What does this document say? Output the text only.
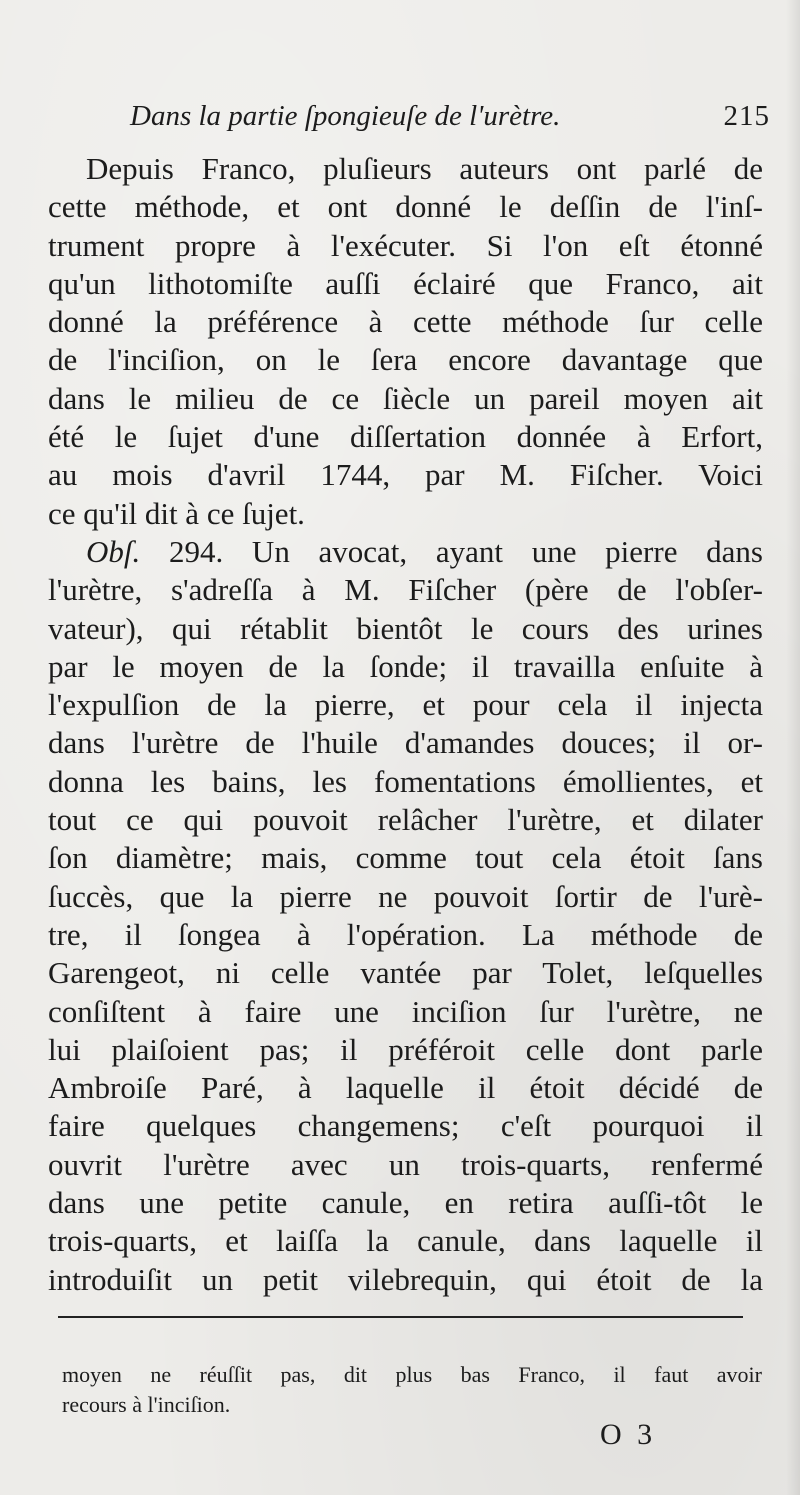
Dans la partie ſpongieuſe de l'urètre.	215
Depuis Franco, pluſieurs auteurs ont parlé de
cette méthode, et ont donné le deſſin de l'inſ-
trument propre à l'exécuter. Si l'on eſt étonné
qu'un lithotomiſte auſſi éclairé que Franco, ait
donné la préférence à cette méthode ſur celle
de l'inciſion, on le ſera encore davantage que
dans le milieu de ce ſiècle un pareil moyen ait
été le ſujet d'une diſſertation donnée à Erfort,
au mois d'avril 1744, par M. Fiſcher. Voici
ce qu'il dit à ce ſujet.
Obſ. 294. Un avocat, ayant une pierre dans
l'urètre, s'adreſſa à M. Fiſcher (père de l'obſer-
vateur), qui rétablit bientôt le cours des urines
par le moyen de la ſonde; il travailla enſuite à
l'expulſion de la pierre, et pour cela il injecta
dans l'urètre de l'huile d'amandes douces; il or-
donna les bains, les fomentations émollientes, et
tout ce qui pouvoit relâcher l'urètre, et dilater
ſon diamètre; mais, comme tout cela étoit ſans
ſuccès, que la pierre ne pouvoit ſortir de l'urè-
tre, il ſongea à l'opération. La méthode de
Garengeot, ni celle vantée par Tolet, leſquelles
conſiſtent à faire une inciſion ſur l'urètre, ne
lui plaiſoient pas; il préféroit celle dont parle
Ambroiſe Paré, à laquelle il étoit décidé de
faire quelques changemens; c'eſt pourquoi il
ouvrit l'urètre avec un trois-quarts, renfermé
dans une petite canule, en retira auſſi-tôt le
trois-quarts, et laiſſa la canule, dans laquelle il
introduiſit un petit vilebrequin, qui étoit de la
moyen ne réuſſit pas, dit plus bas Franco, il faut avoir
recours à l'inciſion.
O 3
